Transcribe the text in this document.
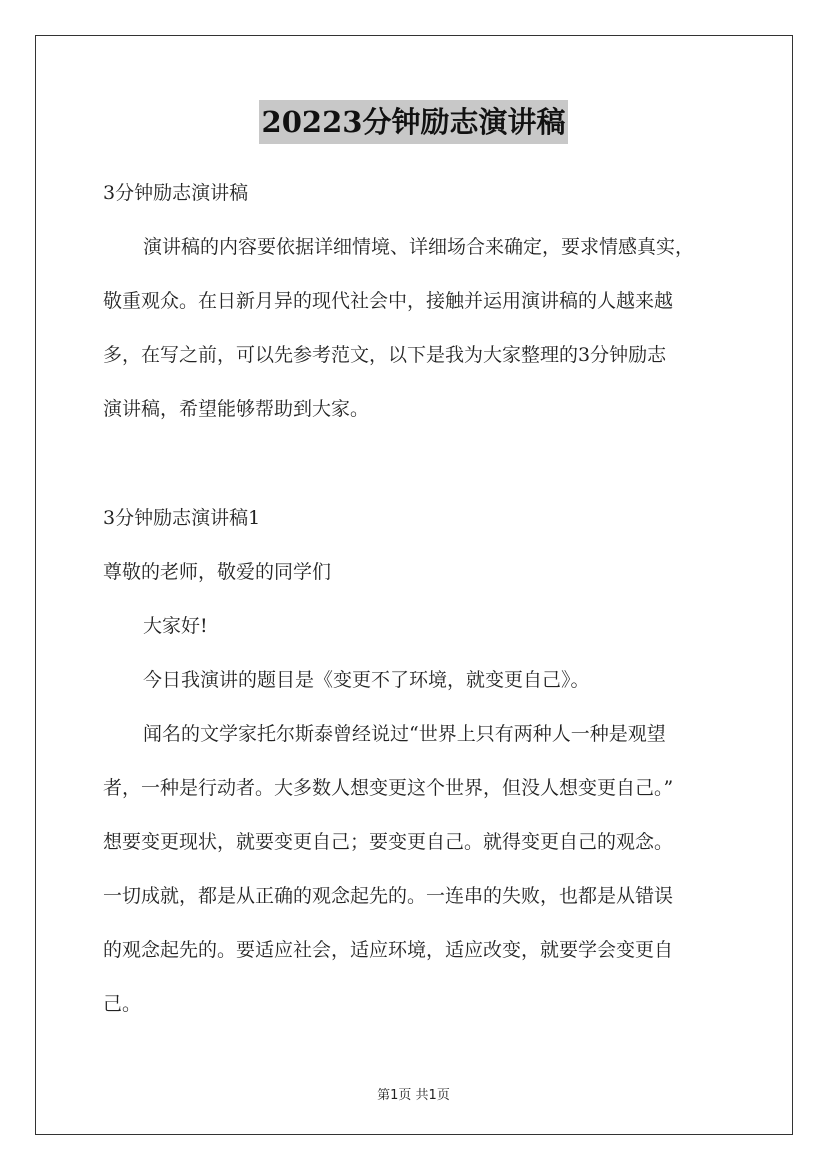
20223分钟励志演讲稿
3分钟励志演讲稿
演讲稿的内容要依据详细情境、详细场合来确定，要求情感真实，
敬重观众。在日新月异的现代社会中，接触并运用演讲稿的人越来越
多，在写之前，可以先参考范文，以下是我为大家整理的3分钟励志
演讲稿，希望能够帮助到大家。
3分钟励志演讲稿1
尊敬的老师，敬爱的同学们
大家好!
今日我演讲的题目是《变更不了环境，就变更自己》。
闻名的文学家托尔斯泰曾经说过“世界上只有两种人一种是观望
者，一种是行动者。大多数人想变更这个世界，但没人想变更自己。”
想要变更现状，就要变更自己；要变更自己。就得变更自己的观念。
一切成就，都是从正确的观念起先的。一连串的失败，也都是从错误
的观念起先的。要适应社会，适应环境，适应改变，就要学会变更自
己。
第1页 共1页
